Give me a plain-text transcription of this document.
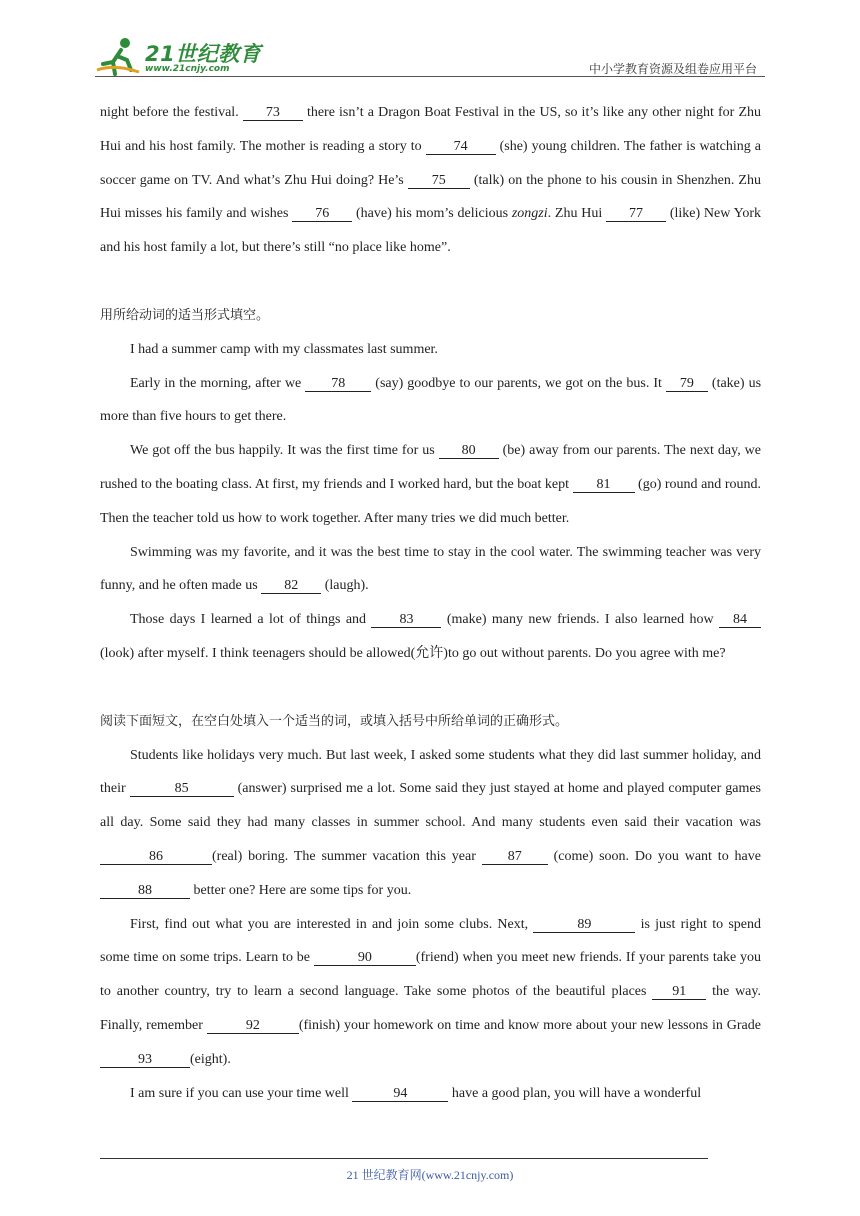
21世纪教育
www.21cnjy.com	中小学教育资源及组卷应用平台

night before the festival. 73 there isn’t a Dragon Boat Festival in the US, so it’s like any other night for Zhu Hui and his host family. The mother is reading a story to 74 (she) young children. The father is watching a soccer game on TV. And what’s Zhu Hui doing? He’s 75 (talk) on the phone to his cousin in Shenzhen. Zhu Hui misses his family and wishes 76 (have) his mom’s delicious zongzi. Zhu Hui 77 (like) New York and his host family a lot, but there’s still “no place like home”.

用所给动词的适当形式填空。

I had a summer camp with my classmates last summer.

Early in the morning, after we 78 (say) goodbye to our parents, we got on the bus. It 79 (take) us more than five hours to get there.

We got off the bus happily. It was the first time for us 80 (be) away from our parents. The next day, we rushed to the boating class. At first, my friends and I worked hard, but the boat kept 81 (go) round and round. Then the teacher told us how to work together. After many tries we did much better.

Swimming was my favorite, and it was the best time to stay in the cool water. The swimming teacher was very funny, and he often made us 82 (laugh).

Those days I learned a lot of things and 83 (make) many new friends. I also learned how 84 (look) after myself. I think teenagers should be allowed(允许)to go out without parents. Do you agree with me?

阅读下面短文，在空白处填入一个适当的词，或填入括号中所给单词的正确形式。

Students like holidays very much. But last week, I asked some students what they did last summer holiday, and their	85	(answer) surprised me a lot. Some said they just stayed at home and played computer games all day. Some said they had many classes in summer school. And many students even said their vacation was 86	(real) boring. The summer vacation this year 87 (come) soon. Do you want to have 88	better one? Here are some tips for you.

First, find out what you are interested in and join some clubs. Next,	89	is just right to spend some time on some trips. Learn to be	90	(friend) when you meet new friends. If your parents take you to another country, try to learn a second language. Take some photos of the beautiful places 91 the way. Finally, remember	92	(finish) your homework on time and know more about your new lessons in Grade 93	(eight).

I am sure if you can use your time well	94	have a good plan, you will have a wonderful

21 世纪教育网(www.21cnjy.com)
